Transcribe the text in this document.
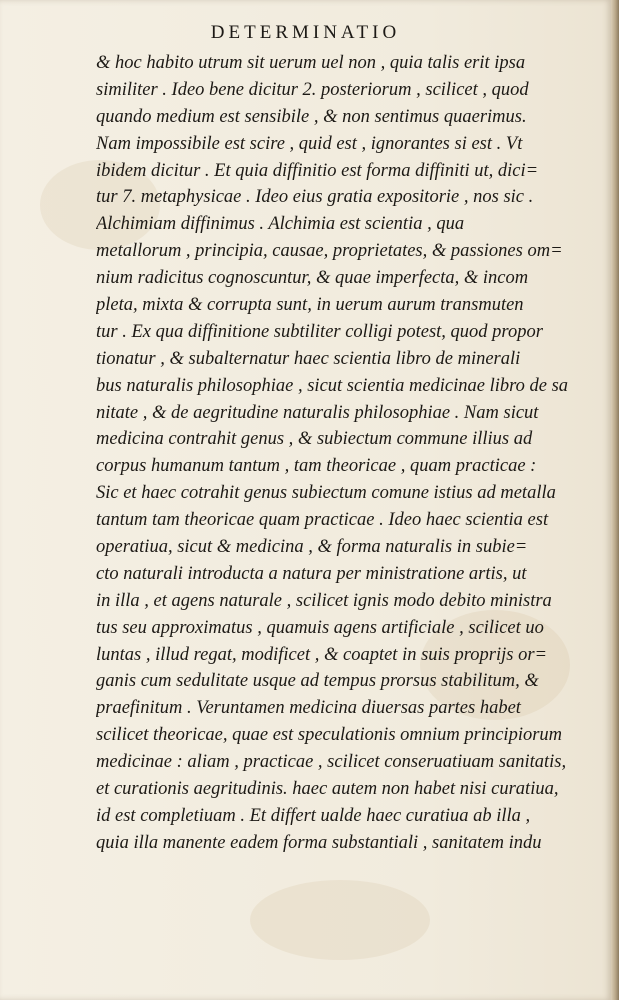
DETERMINATIO
& hoc habito utrum sit uerum uel non , quia talis erit ipsa
similiter . Ideo bene dicitur 2. posteriorum , scilicet , quod
quando medium est sensibile , & non sentimus quaerimus.
Nam impossibile est scire , quid est , ignorantes si est . Vt
ibidem dicitur . Et quia diffinitio est forma diffiniti ut, dici=
tur 7. metaphysicae . Ideo eius gratia expositorie , nos sic .
Alchimiam diffinimus . Alchimia est scientia , qua
metallorum , principia, causae, proprietates, & passiones om=
nium radicitus cognoscuntur, & quae imperfecta, & incom
pleta, mixta & corrupta sunt, in uerum aurum transmuten
tur . Ex qua diffinitione subtiliter colligi potest, quod propor
tionatur , & subalternatur haec scientia libro de minerali
bus naturalis philosophiae , sicut scientia medicinae libro de sa
nitate , & de aegritudine naturalis philosophiae . Nam sicut
medicina contrahit genus , & subiectum commune illius ad
corpus humanum tantum , tam theoricae , quam practicae :
Sic et haec cotrahit genus subiectum comune istius ad metalla
tantum tam theoricae quam practicae . Ideo haec scientia est
operatiua, sicut & medicina , & forma naturalis in subie=
cto naturali introducta a natura per ministratione artis, ut
in illa , et agens naturale , scilicet ignis modo debito ministra
tus seu approximatus , quamuis agens artificiale , scilicet uo
luntas , illud regat, modificet , & coaptet in suis proprijs or=
ganis cum sedulitate usque ad tempus prorsus stabilitum, &
praefinitum . Veruntamen medicina diuersas partes habet
scilicet theoricae, quae est speculationis omnium principiorum
medicinae : aliam , practicae , scilicet conseruatiuam sanitatis,
et curationis aegritudinis. haec autem non habet nisi curatiua,
id est completiuam . Et differt ualde haec curatiua ab illa ,
quia illa manente eadem forma substantiali , sanitatem indu
